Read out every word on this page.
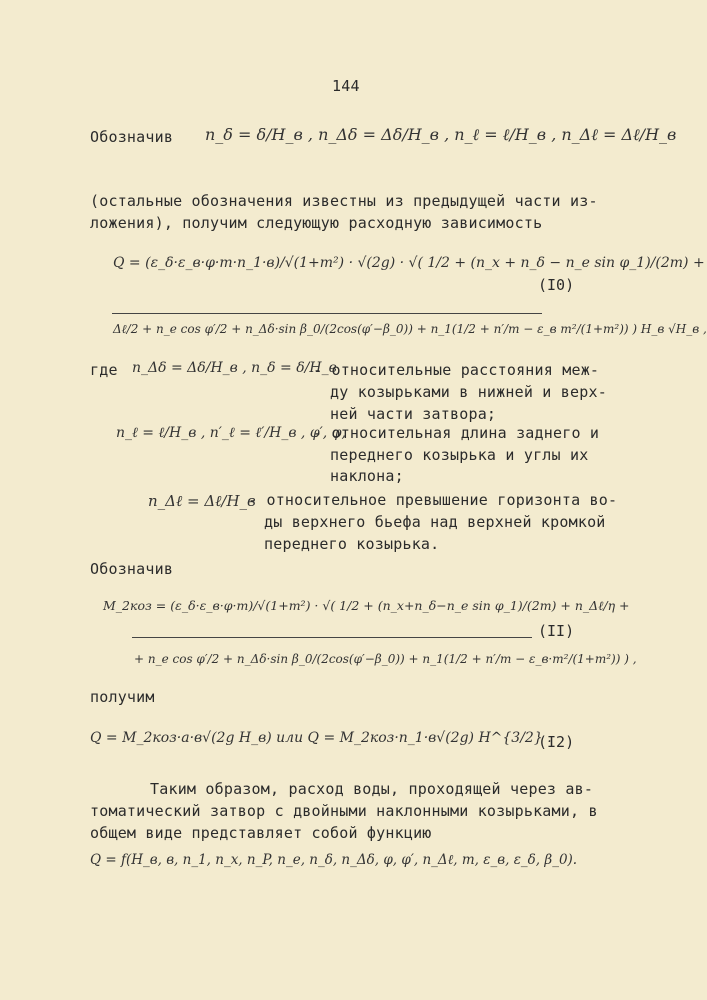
144
Обозначив n_δ = δ/H_в , n_Δδ = Δδ/H_в , n_ℓ = ℓ/H_в , n_Δℓ = Δℓ/H_в
(остальные обозначения известны из предыдущей части из-
ложения), получим следующую расходную зависимость
Q = (ε_δ·ε_в·φ·m·n_1·в)/√(1+m²) · √(2g) · √( 1/2 + (n_x + n_δ − n_e sin φ_1)/(2m) +
(I0)
Δℓ/2 + n_e cos φ′/2 + n_Δδ·sin β_0/(2cos(φ′−β_0)) + n_1(1/2 + n′/m − ε_в m²/(1+m²)) ) H_в √H_в ,
где n_Δδ = Δδ/H_в , n_δ = δ/H_в
- относительные расстояния меж-
ду козырьками в нижней и верх-
ней части затвора;
n_ℓ = ℓ/H_в , n′_ℓ = ℓ′/H_в , φ′, φ,
- относительная длина заднего и
переднего козырька и углы их
наклона;
n_Δℓ = Δℓ/H_в
- относительное превышение горизонта во-
ды верхнего бьефа над верхней кромкой
переднего козырька.
Обозначив
M_2коз = (ε_δ·ε_в·φ·m)/√(1+m²) · √( 1/2 + (n_x+n_δ−n_e sin φ_1)/(2m) + n_Δℓ/η +
(II)
+ n_e cos φ′/2 + n_Δδ·sin β_0/(2cos(φ′−β_0)) + n_1(1/2 + n′/m − ε_в·m²/(1+m²)) ) ,
получим
Q = M_2коз·a·в√(2g H_в) или Q = M_2коз·n_1·в√(2g) H^{3/2} .
(I2)
Таким образом, расход воды, проходящей через ав-
томатический затвор с двойными наклонными козырьками, в
общем виде представляет собой функцию
Q = f(H_в, в, n_1, n_x, n_P, n_e, n_δ, n_Δδ, φ, φ′, n_Δℓ, m, ε_в, ε_δ, β_0).
